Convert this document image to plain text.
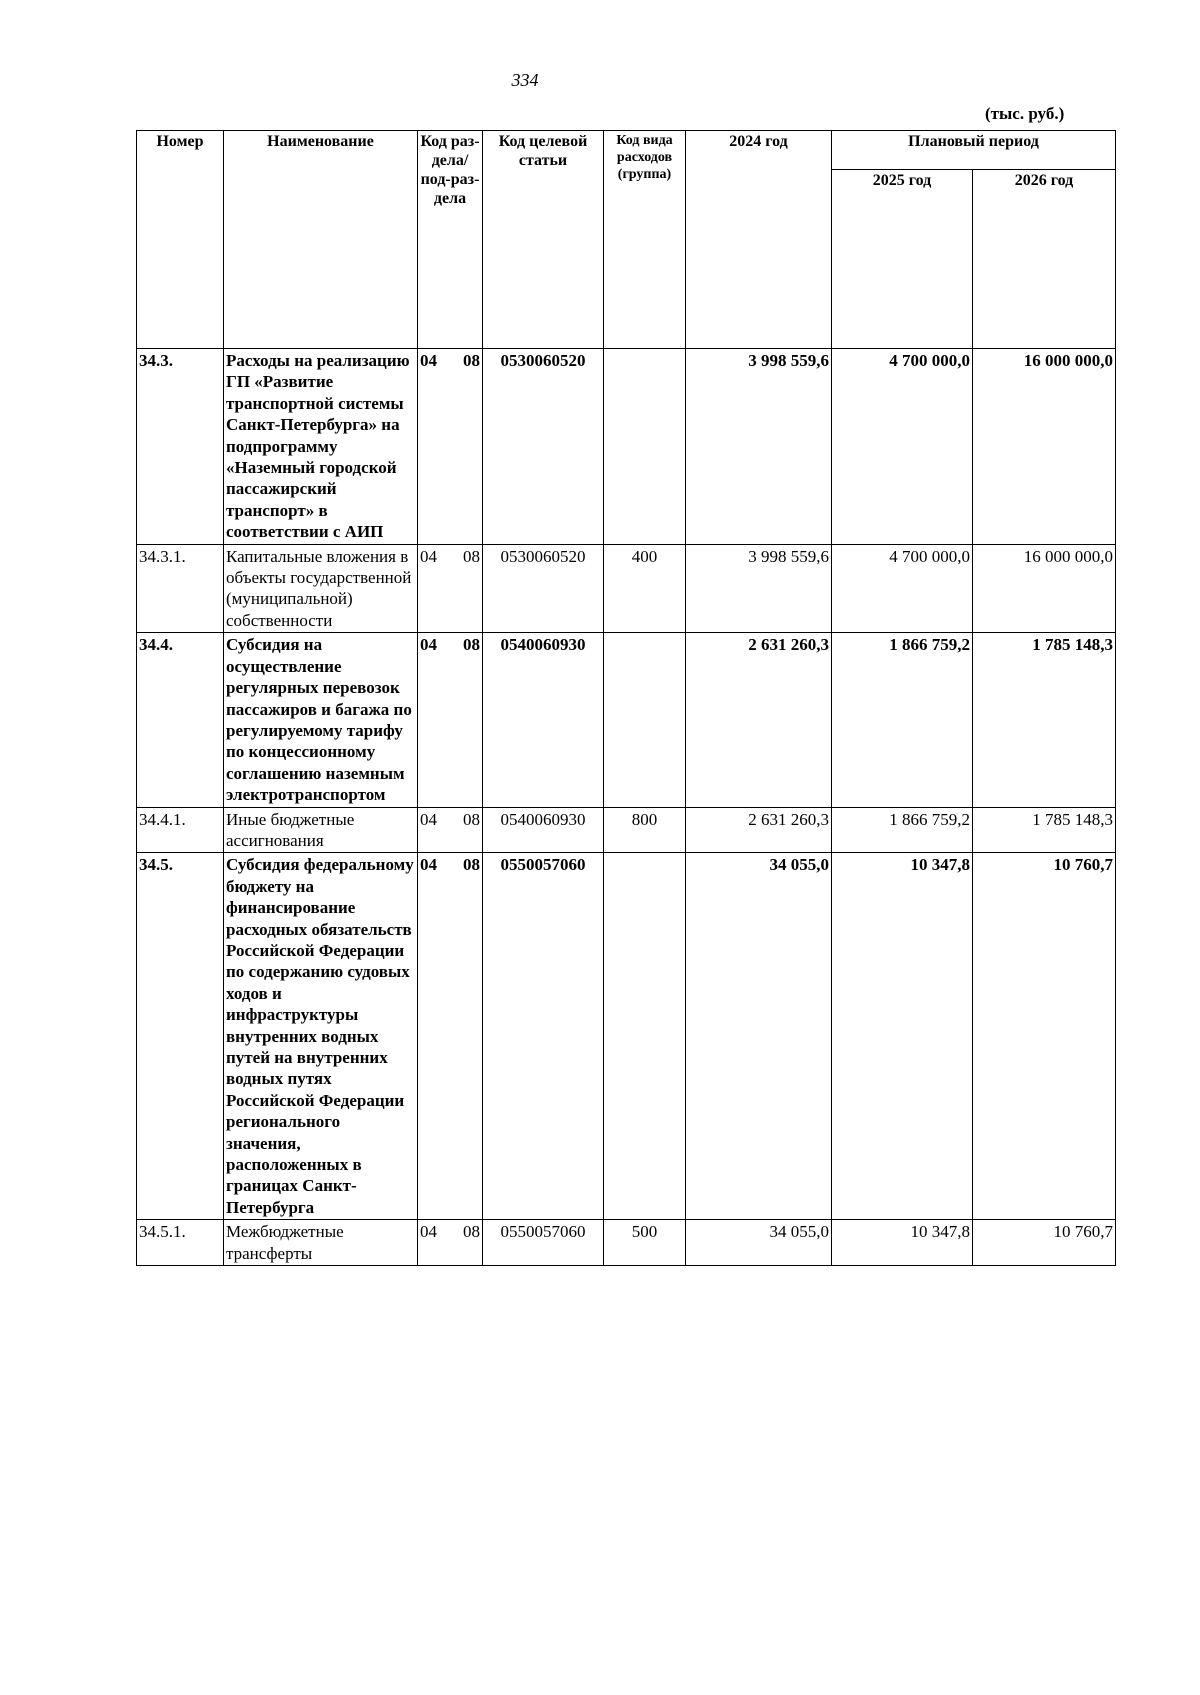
334
(тыс. руб.)
Номер	Наименование	Код раз-дела/ под-раз-дела	Код целевой статьи	Код вида расходов (группа)	2024 год	Плановый период	
						2025 год	2026 год
34.3.	Расходы на реализацию ГП «Развитие транспортной системы Санкт-Петербурга» на подпрограмму «Наземный городской пассажирский транспорт» в соответствии с АИП	04 08	0530060520		3 998 559,6	4 700 000,0	16 000 000,0
34.3.1.	Капитальные вложения в объекты государственной (муниципальной) собственности	04 08	0530060520	400	3 998 559,6	4 700 000,0	16 000 000,0
34.4.	Субсидия на осуществление регулярных перевозок пассажиров и багажа по регулируемому тарифу по концессионному соглашению наземным электротранспортом	04 08	0540060930		2 631 260,3	1 866 759,2	1 785 148,3
34.4.1.	Иные бюджетные ассигнования	04 08	0540060930	800	2 631 260,3	1 866 759,2	1 785 148,3
34.5.	Субсидия федеральному бюджету на финансирование расходных обязательств Российской Федерации по содержанию судовых ходов и инфраструктуры внутренних водных путей на внутренних водных путях Российской Федерации регионального значения, расположенных в границах Санкт-Петербурга	04 08	0550057060		34 055,0	10 347,8	10 760,7
34.5.1.	Межбюджетные трансферты	04 08	0550057060	500	34 055,0	10 347,8	10 760,7
